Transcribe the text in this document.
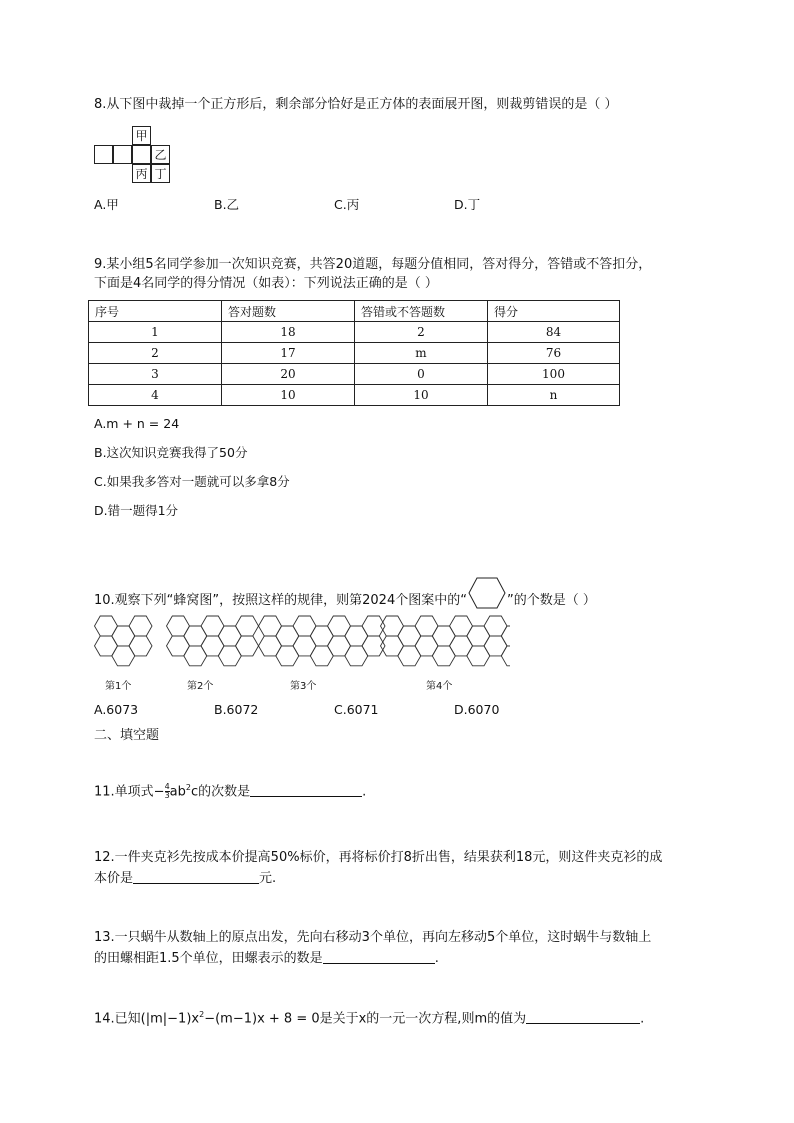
8.从下图中裁掉一个正方形后，剩余部分恰好是正方体的表面展开图，则裁剪错误的是（ ）
甲
乙
丙 丁
A.甲	B.乙	C.丙	D.丁
9.某小组5名同学参加一次知识竞赛，共答20道题，每题分值相同，答对得分，答错或不答扣分，
下面是4名同学的得分情况（如表）：下列说法正确的是（ ）
序号	答对题数	答错或不答题数	得分
1	18	2	84
2	17	m	76
3	20	0	100
4	10	10	n
A.m + n = 24
B.这次知识竞赛我得了50分
C.如果我多答对一题就可以多拿8分
D.错一题得1分
10.观察下列“蜂窝图”，按照这样的规律，则第2024个图案中的“	”的个数是（ ）
第1个	第2个	第3个	第4个
A.6073	B.6072	C.6071	D.6070
二、填空题
11.单项式− $\frac{4}{3} ab^2c$的次数是	.
12.一件夹克衫先按成本价提高50%标价，再将标价打8折出售，结果获利18元，则这件夹克衫的成
本价是	元.
13.一只蜗牛从数轴上的原点出发，先向右移动3个单位，再向左移动5个单位，这时蜗牛与数轴上
的田螺相距1.5个单位，田螺表示的数是	.
14.已知$(|m|-1)x^2-(m-1)x + 8 = 0$是关于x的一元一次方程,则m的值为	.
